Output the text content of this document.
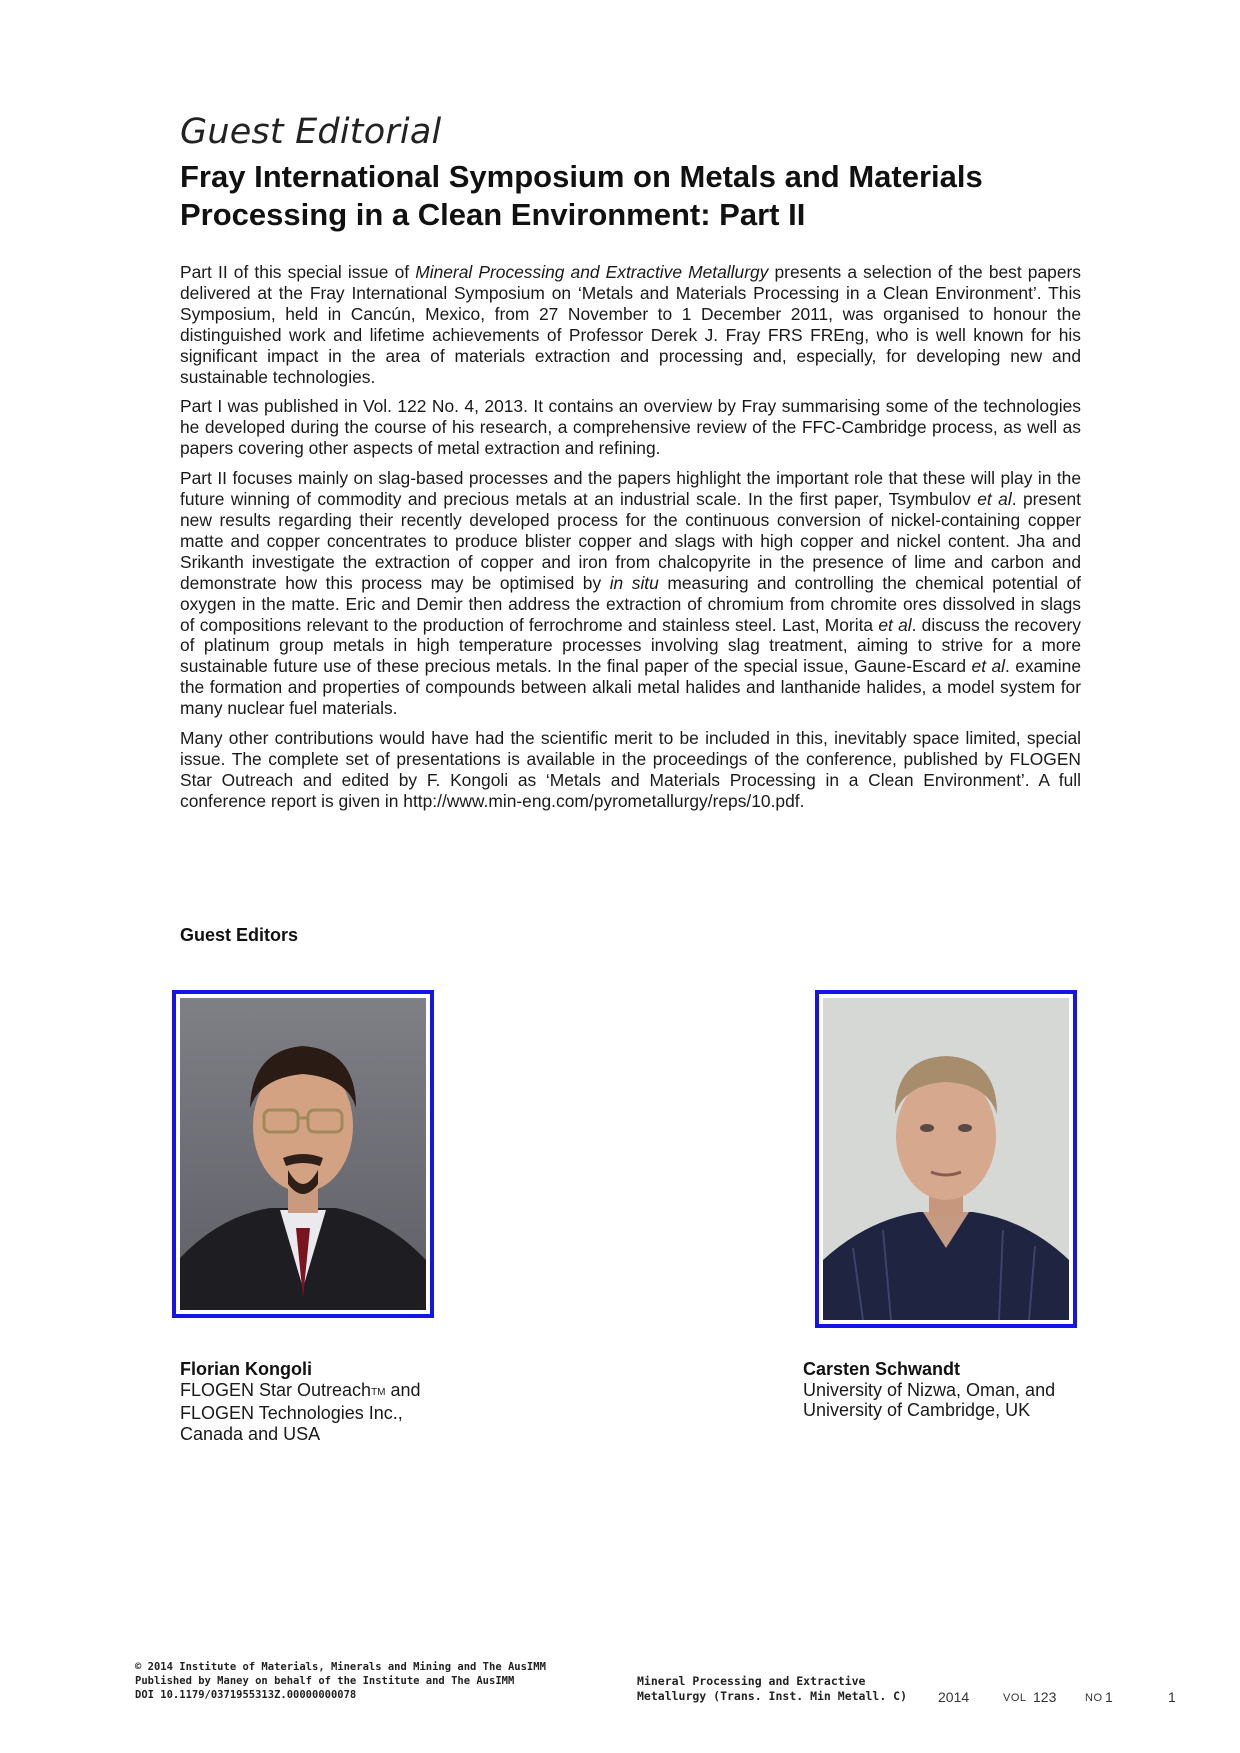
Guest Editorial
Fray International Symposium on Metals and Materials Processing in a Clean Environment: Part II

Part II of this special issue of Mineral Processing and Extractive Metallurgy presents a selection of the best papers delivered at the Fray International Symposium on ‘Metals and Materials Processing in a Clean Environment’. This Symposium, held in Cancún, Mexico, from 27 November to 1 December 2011, was organised to honour the distinguished work and lifetime achievements of Professor Derek J. Fray FRS FREng, who is well known for his significant impact in the area of materials extraction and processing and, especially, for developing new and sustainable technologies.

Part I was published in Vol. 122 No. 4, 2013. It contains an overview by Fray summarising some of the technologies he developed during the course of his research, a comprehensive review of the FFC-Cambridge process, as well as papers covering other aspects of metal extraction and refining.

Part II focuses mainly on slag-based processes and the papers highlight the important role that these will play in the future winning of commodity and precious metals at an industrial scale. In the first paper, Tsymbulov et al. present new results regarding their recently developed process for the continuous conversion of nickel-containing copper matte and copper concentrates to produce blister copper and slags with high copper and nickel content. Jha and Srikanth investigate the extraction of copper and iron from chalcopyrite in the presence of lime and carbon and demonstrate how this process may be optimised by in situ measuring and controlling the chemical potential of oxygen in the matte. Eric and Demir then address the extraction of chromium from chromite ores dissolved in slags of compositions relevant to the production of ferrochrome and stainless steel. Last, Morita et al. discuss the recovery of platinum group metals in high temperature processes involving slag treatment, aiming to strive for a more sustainable future use of these precious metals. In the final paper of the special issue, Gaune-Escard et al. examine the formation and properties of compounds between alkali metal halides and lanthanide halides, a model system for many nuclear fuel materials.

Many other contributions would have had the scientific merit to be included in this, inevitably space limited, special issue. The complete set of presentations is available in the proceedings of the conference, published by FLOGEN Star Outreach and edited by F. Kongoli as ‘Metals and Materials Processing in a Clean Environment’. A full conference report is given in http://www.min-eng.com/pyrometallurgy/reps/10.pdf.

Guest Editors
Florian Kongoli
FLOGEN Star OutreachTM and
FLOGEN Technologies Inc.,
Canada and USA
Carsten Schwandt
University of Nizwa, Oman, and
University of Cambridge, UK
© 2014 Institute of Materials, Minerals and Mining and The AusIMM
Published by Maney on behalf of the Institute and The AusIMM
DOI 10.1179/0371955313Z.00000000078
Mineral Processing and Extractive
Metallurgy (Trans. Inst. Min Metall. C) 2014	VOL 123	NO 1	1
